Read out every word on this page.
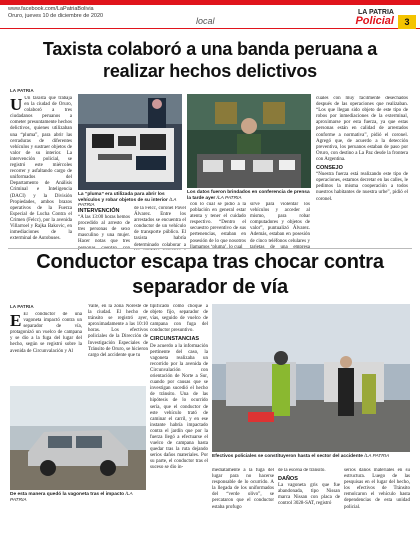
www.facebook.com/LaPatriaBolivia
Oruro, jueves 10 de diciembre de 2020	local
LA PATRIA
Policial	3
Taxista colaboró a una banda peruana a realizar hechos delictivos
LA PATRIA
U Un taxista que trabaja en la ciudad de Oruro, colaboró a tres ciudadanos peruanos a cometer presuntamente hechos delictivos, quienes utilizaban una “pluma”, para abrir las cerraduras de diferentes vehículos y sustraer objetos de valor de su interior. La intervención policial, se registró este miércoles recorrer y asfaltando cargo de uniformados del Departamento de Análisis Criminal e Inteligencia (DACI) y la División Propiedades, ambos brazos operativos de la Fuerza Especial de Lucha Contra el Crimen (Felcc), por la avenida Villarroel y Rajka Bakovic, en inmediaciones de la exterminal de Autobuses.
La “pluma” era utilizada para abrir los vehículos y robar objetos de su interior /LA PATRIA
Los datos fueron brindados en conferencia de prensa la tarde ayer /LA PATRIA
INTERVENCIÓN
“A las 13:00 horas hemos procedido al arresto de tres personas de sexo masculino y una mujer. Hacer notas que tres
de la Felcc, coronel Pavel Álvarez. Entre los arrestados se encuentra el conductor de un vehículo de transporte público. El taxista habría determinado colaborar a
con lo cual se pidió a la población en general estar atenta y tener el cuidado respectivo. “Dentro el secuestro preventivo de sus pertenencias, estaban en posesión de lo que nosotros
sirve para violentar los vehículos y acceder al mismo, para robar computadores y objetos de valor”, puntualizó Álvarez. Además, estaban en posesión de cinco teléfonos celulares y
cuales con muy fácilmente desechados después de las operaciones que realizaban. “Los que llegan sido objeto de este tipo de robos por inmediaciones de la exterminal, aproximarse por esta fuerza, ya que estas personas están en calidad de arrestados conforme a normativa”, pidió el coronel. Agregó que, de acuerdo a la detección preventiva, los peruanos estaban de paso por Oruro, con destino a La Paz desde la frontera con Argentina.
CONSEJO
“Nuestra fuerza está realizando este tipo de operaciones, estamos decretar en las calles, le pedimos la misma cooperación a todos nuestros habitantes de nuestra urbe”, pidió el coronel.
Conductor escapa tras chocar contra separador de vía
LA PATRIA
E El conductor de una vagoneta impactó contra un separador de vía, protagonizó un vuelco de campana y se dio a la fuga del lugar del hecho, según se registró sobre la avenida de Circunvalación y Al
Valle, en la zona Noreste de la ciudad. El hecho de tránsito se registró ayer, aproximadamente a las 10:10 horas. Los efectivos policiales de la Dirección de Investigación Especiales de Tránsito de Oruro, se hicieron cargo del accidente que tu
De esta manera quedó la vagoneta tras el impacto /LA PATRIA
tipificado como choque a objeto fijo, separador de vías, seguido de vuelco de campana con fuga del conductor presuntivo.
CIRCUNSTANCIAS
De acuerdo a la información pertinente del caso, la vagoneta realizaba un recorrido por la avenida de Circunvalación con orientación de Norte a Sur, cuando por causas que se investigan sucedió el hecho de tránsito. Una de las hipótesis de lo ocurrido sería, que el conductor de este vehículo trató de caminar el carril, y en ese instante habría impactado contra el jardín que por la fuerza llegó a efectuarse el vuelco de campana hasta quedar tras la ruta dejando serios daños materiales. Por su parte, el conductor tras el suceso se dio in-
Efectivos policiales se constituyeron hasta el sector del accidente /LA PATRIA
mediatamente a la fuga del lugar para no hacerse responsable de lo ocurrido. A la llegada de los uniformados del “verde olivo”, se percataron que el conductor estaba profugo
de la escena de tránsito.
DAÑOS
La vagoneta gris que fue abandonada, tipo Nissan marca Nissan con placa de control 3028-SAT, registró
serios daños materiales en su estructura. Luego de las pesquisas en el lugar del hecho, los efectivos de Tránsito remolcaron el vehículo hasta dependencias de esta unidad policial.
